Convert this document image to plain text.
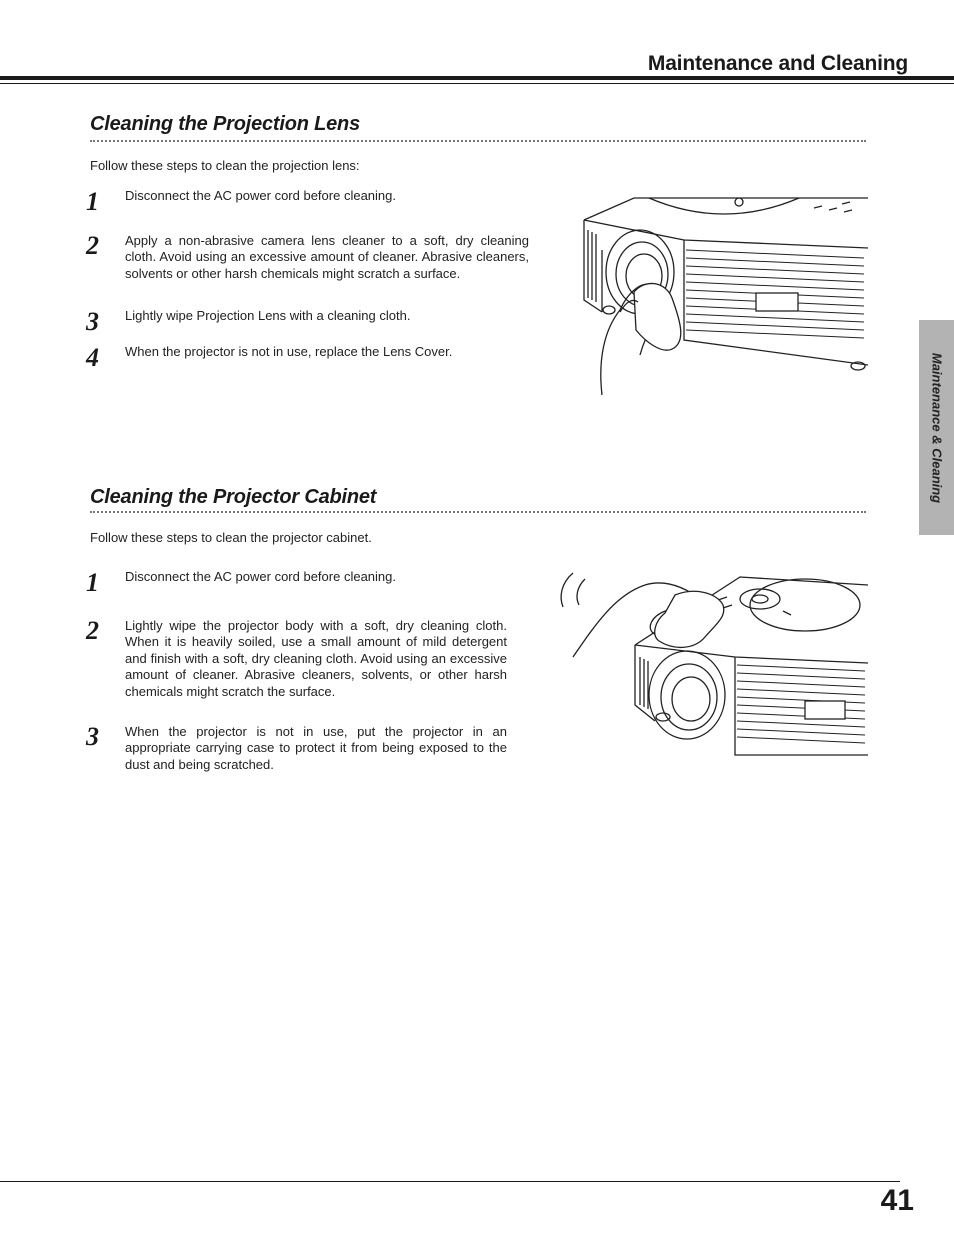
Maintenance and Cleaning
Cleaning the Projection Lens
Follow these steps to clean the projection lens:
1 Disconnect the AC power cord before cleaning.
2 Apply a non-abrasive camera lens cleaner to a soft, dry cleaning cloth. Avoid using an excessive amount of cleaner. Abrasive cleaners, solvents or other harsh chemicals might scratch a surface.
3 Lightly wipe Projection Lens with a cleaning cloth.
4 When the projector is not in use, replace the Lens Cover.
Cleaning the Projector Cabinet
Follow these steps to clean the projector cabinet.
1 Disconnect the AC power cord before cleaning.
2 Lightly wipe the projector body with a soft, dry cleaning cloth. When it is heavily soiled, use a small amount of mild detergent and finish with a soft, dry cleaning cloth. Avoid using an excessive amount of cleaner. Abrasive cleaners, solvents, or other harsh chemicals might scratch the surface.
3 When the projector is not in use, put the projector in an appropriate carrying case to protect it from being exposed to the dust and being scratched.
Maintenance & Cleaning
41
